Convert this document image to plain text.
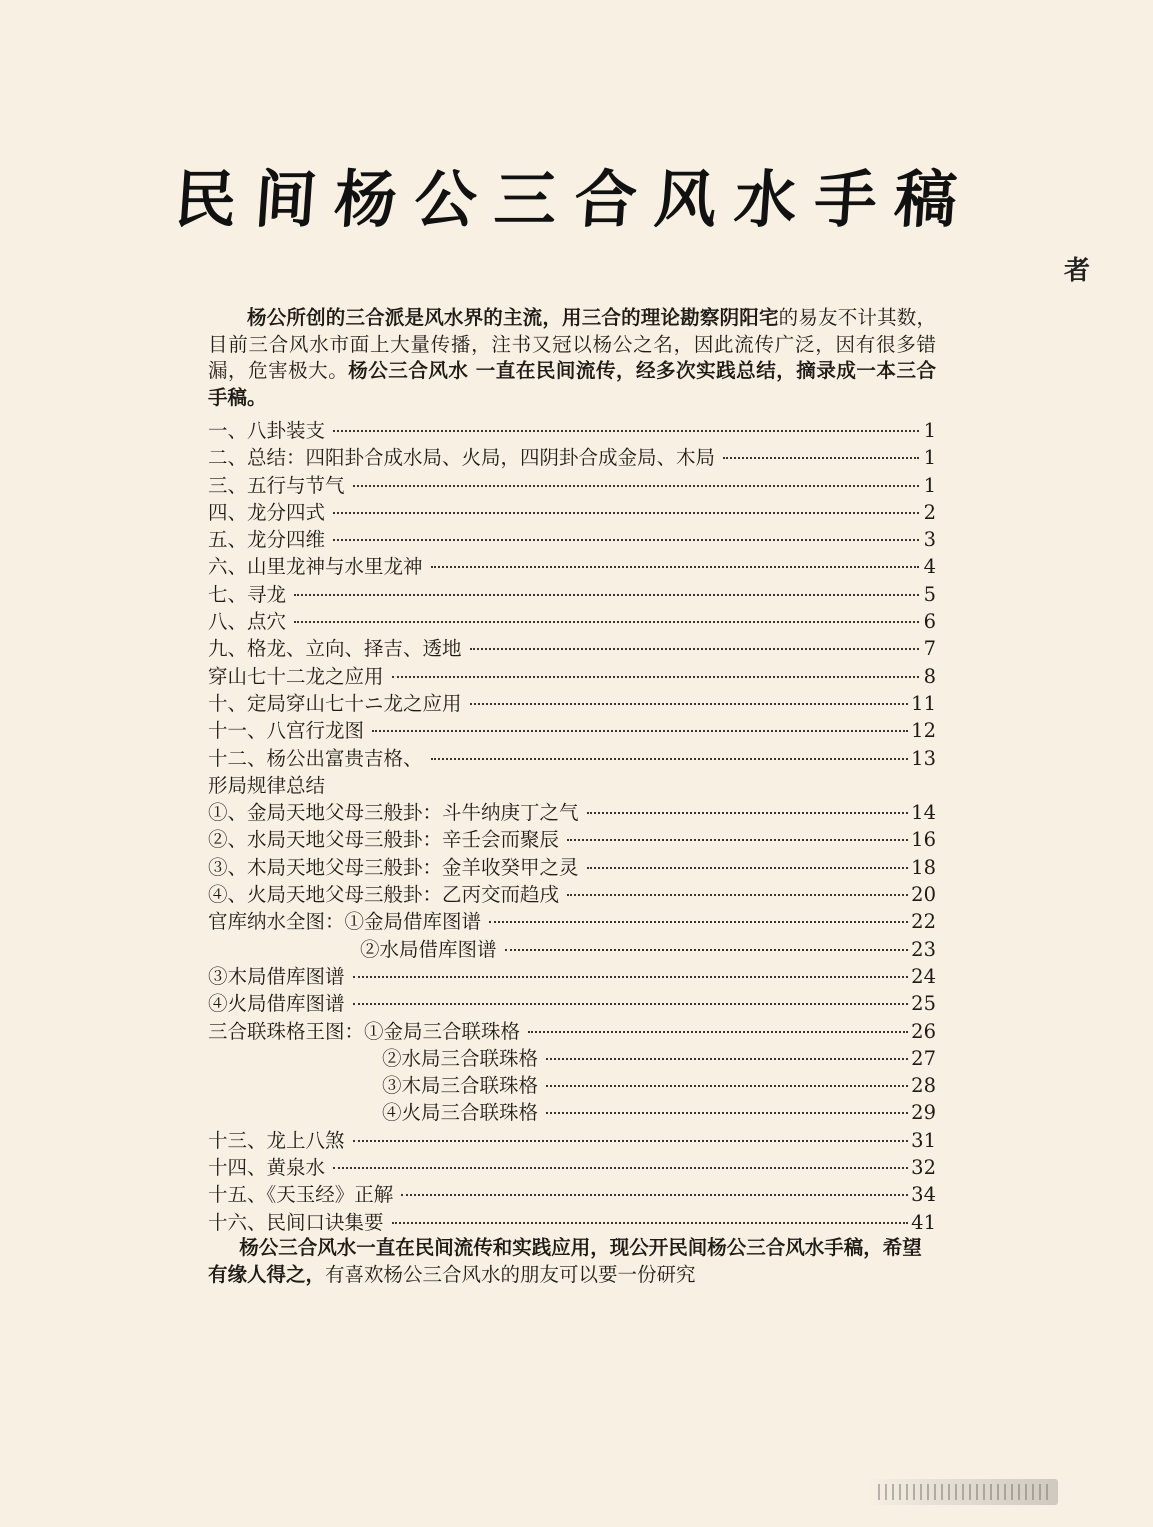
民间杨公三合风水手稿
者

杨公所创的三合派是风水界的主流，用三合的理论勘察阴阳宅的易友不计其数，目前三合风水市面上大量传播，注书又冠以杨公之名，因此流传广泛，因有很多错漏，危害极大。杨公三合风水 一直在民间流传，经多次实践总结，摘录成一本三合手稿。

一、八卦装支	1
二、总结：四阳卦合成水局、火局，四阴卦合成金局、木局	1
三、五行与节气	1
四、龙分四式	2
五、龙分四维	3
六、山里龙神与水里龙神	4
七、寻龙	5
八、点穴	6
九、格龙、立向、择吉、透地	7
穿山七十二龙之应用	8
十、定局穿山七十ニ龙之应用	11
十一、八宫行龙图	12
十二、杨公出富贵吉格、	13
形局规律总结
①、金局天地父母三般卦：斗牛纳庚丁之气	14
②、水局天地父母三般卦：辛壬会而聚辰	16
③、木局天地父母三般卦：金羊收癸甲之灵	18
④、火局天地父母三般卦：乙丙交而趋戌	20
官库纳水全图：①金局借库图谱	22
②水局借库图谱	23
③木局借库图谱	24
④火局借库图谱	25
三合联珠格王图：①金局三合联珠格	26
②水局三合联珠格	27
③木局三合联珠格	28
④火局三合联珠格	29
十三、龙上八煞	31
十四、黄泉水	32
十五、《天玉经》正解	34
十六、民间口诀集要	41

杨公三合风水一直在民间流传和实践应用，现公开民间杨公三合风水手稿，希望有缘人得之，有喜欢杨公三合风水的朋友可以要一份研究
